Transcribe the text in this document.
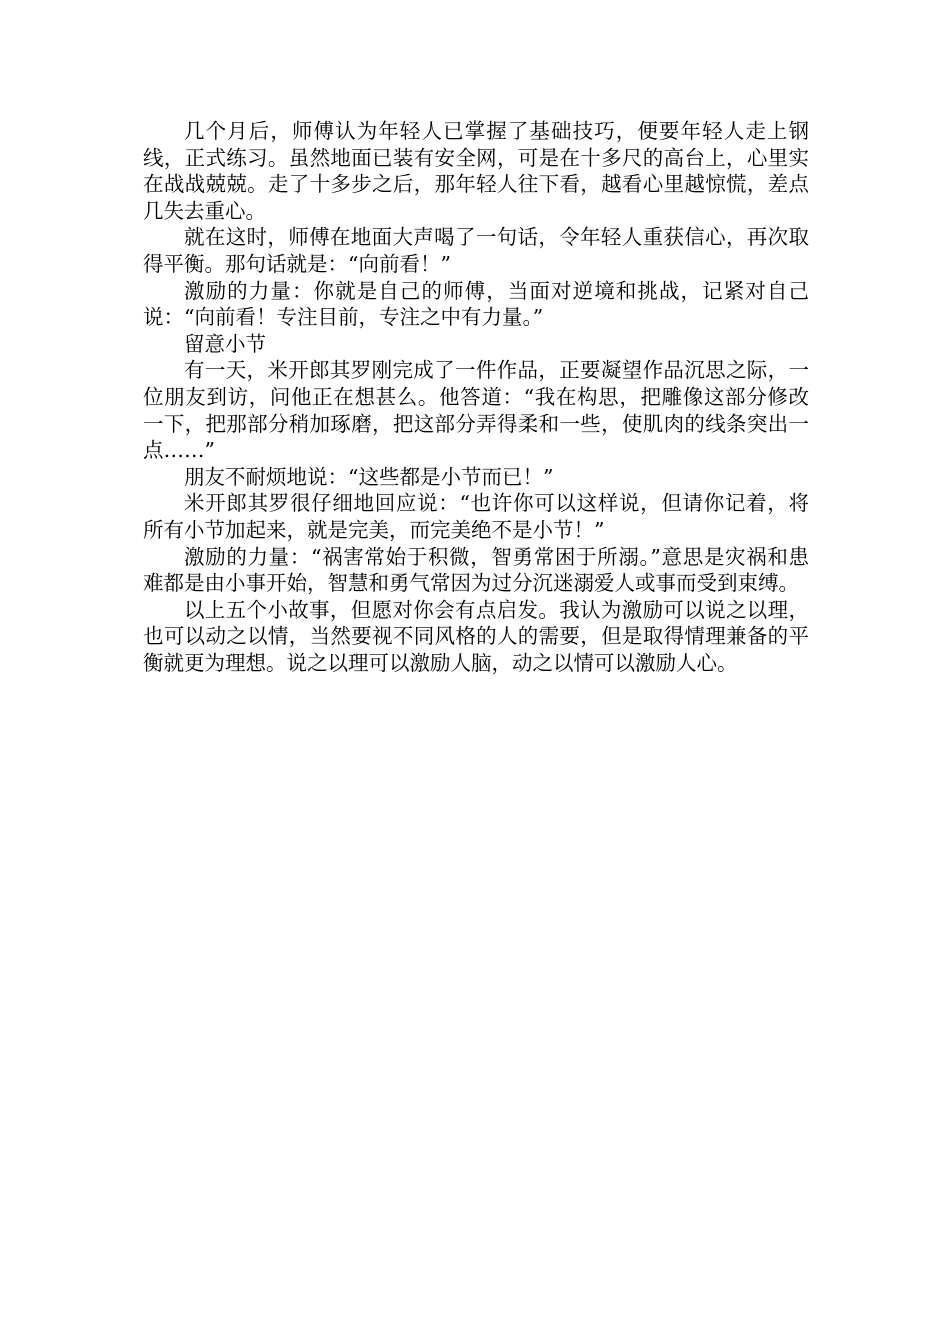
几个月后，师傅认为年轻人已掌握了基础技巧，便要年轻人走上钢线，正式练习。虽然地面已装有安全网，可是在十多尺的高台上，心里实在战战兢兢。走了十多步之后，那年轻人往下看，越看心里越惊慌，差点几失去重心。

就在这时，师傅在地面大声喝了一句话，令年轻人重获信心，再次取得平衡。那句话就是：“向前看！”

激励的力量：你就是自己的师傅，当面对逆境和挑战，记紧对自己说：“向前看！专注目前，专注之中有力量。”

留意小节

有一天，米开郎其罗刚完成了一件作品，正要凝望作品沉思之际，一位朋友到访，问他正在想甚么。他答道：“我在构思，把雕像这部分修改一下，把那部分稍加琢磨，把这部分弄得柔和一些，使肌肉的线条突出一点……”

朋友不耐烦地说：“这些都是小节而已！”

米开郎其罗很仔细地回应说：“也许你可以这样说，但请你记着，将所有小节加起来，就是完美，而完美绝不是小节！”

激励的力量：“祸害常始于积微，智勇常困于所溺。”意思是灾祸和患难都是由小事开始，智慧和勇气常因为过分沉迷溺爱人或事而受到束缚。

以上五个小故事，但愿对你会有点启发。我认为激励可以说之以理，也可以动之以情，当然要视不同风格的人的需要，但是取得情理兼备的平衡就更为理想。说之以理可以激励人脑，动之以情可以激励人心。
